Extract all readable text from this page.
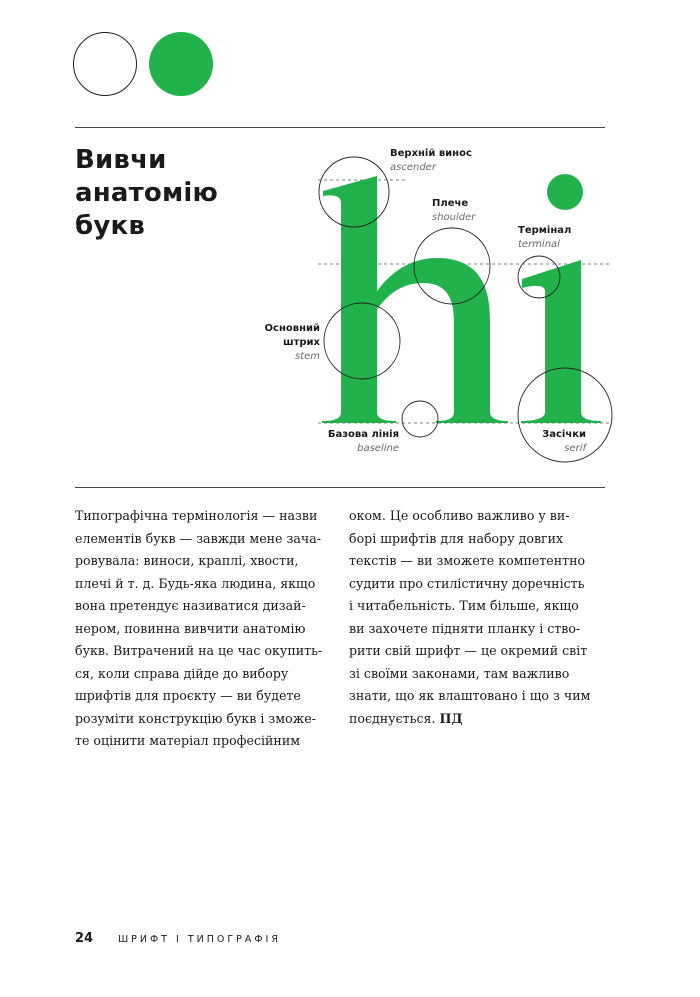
Вивчи
анатомію
букв
Верхній винос
ascender
Плече
shoulder
Термінал
terminal
Основний
штрих
stem
Базова лінія
baseline
Засічки
serif
Типографічна термінологія — назви
елементів букв — завжди мене зача-
ровувала: виноси, краплі, хвости,
плечі й т. д. Будь-яка людина, якщо
вона претендує називатися дизай-
нером, повинна вивчити анатомію
букв. Витрачений на це час окупить-
ся, коли справа дійде до вибору
шрифтів для проєкту — ви будете
розуміти конструкцію букв і зможе-
те оцінити матеріал професійним
оком. Це особливо важливо у ви-
борі шрифтів для набору довгих
текстів — ви зможете компетентно
судити про стилістичну доречність
і читабельність. Тим більше, якщо
ви захочете підняти планку і ство-
рити свій шрифт — це окремий світ
зі своїми законами, там важливо
знати, що як влаштовано і що з чим
поєднується. ПД
24	ШРИФТ І ТИПОГРАФІЯ
